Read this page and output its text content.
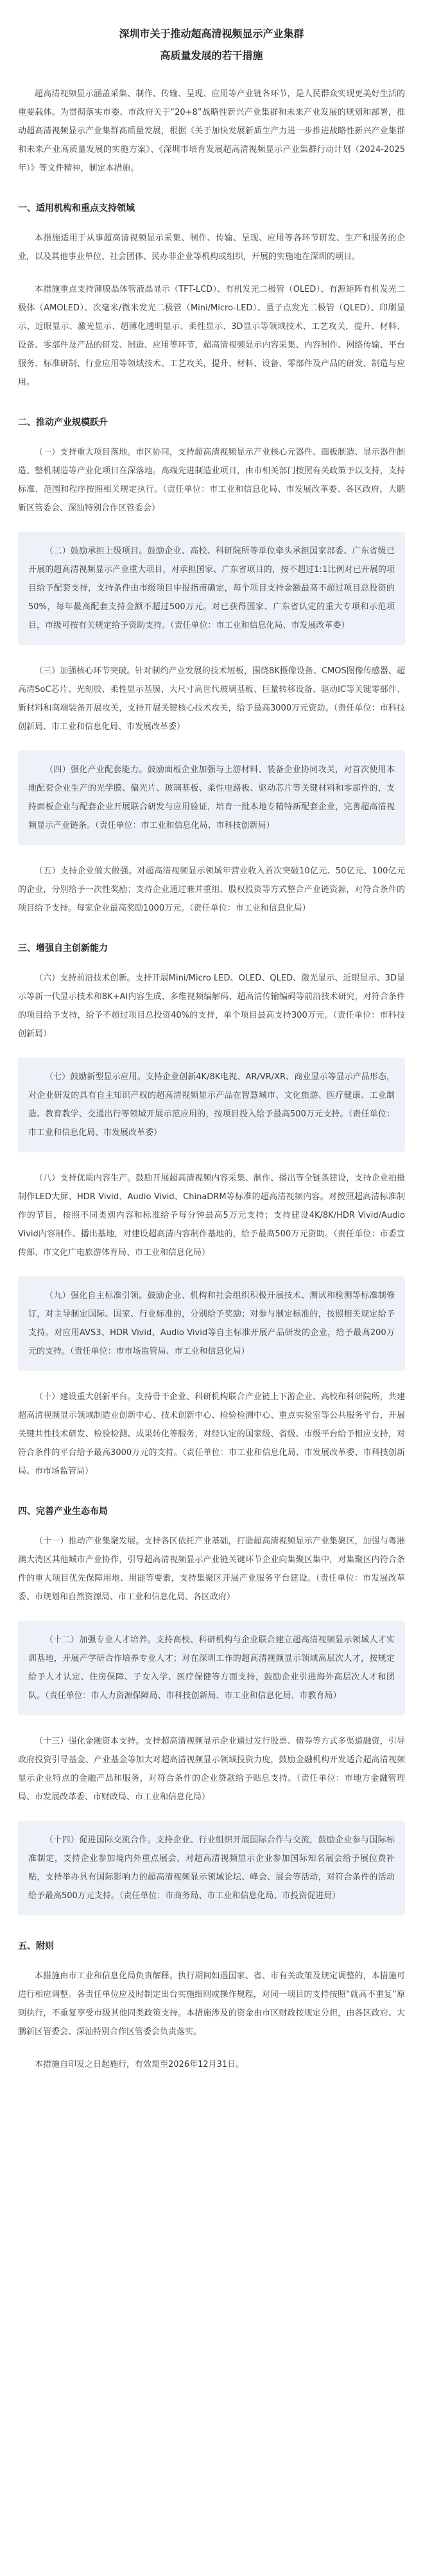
深圳市关于推动超高清视频显示产业集群
高质量发展的若干措施

超高清视频显示涵盖采集、制作、传输、呈现、应用等产业链各环节，是人民群众实现更美好生活的重要载体。为贯彻落实市委、市政府关于“20+8”战略性新兴产业集群和未来产业发展的规划和部署，推动超高清视频显示产业集群高质量发展，根据《关于加快发展新质生产力进一步推进战略性新兴产业集群和未来产业高质量发展的实施方案》、《深圳市培育发展超高清视频显示产业集群行动计划（2024-2025年）》等文件精神，制定本措施。

一、适用机构和重点支持领域

本措施适用于从事超高清视频显示采集、制作、传输、呈现、应用等各环节研发、生产和服务的企业，以及其他事业单位、社会团体、民办非企业等机构或组织，开展的实施地在深圳的项目。

本措施重点支持薄膜晶体管液晶显示（TFT-LCD）、有机发光二极管（OLED）、有源矩阵有机发光二极体（AMOLED）、次毫米/微米发光二极管（Mini/Micro-LED）、量子点发光二极管（QLED）、印刷显示、近眼显示、激光显示、超薄化透明显示、柔性显示、3D显示等领域技术、工艺攻关，提升、材料、设备、零部件及产品的研发、制造、应用等环节，超高清视频显示内容采集、内容制作、网络传输、平台服务、标准研制、行业应用等领域技术、工艺攻关，提升、材料、设备、零部件及产品的研发、制造与应用。

二、推动产业规模跃升

（一）支持重大项目落地。市区协同，支持超高清视频显示产业核心元器件、面板制造、显示器件制造、整机制造等产业化项目在深落地。高端先进制造业项目，由市相关部门按照有关政策予以支持，支持标准、范围和程序按照相关规定执行。（责任单位：市工业和信息化局、市发展改革委、各区政府，大鹏新区管委会、深汕特别合作区管委会）

（二）鼓励承担上级项目。鼓励企业、高校、科研院所等单位牵头承担国家部委、广东省级已开展的超高清视频显示产业重大项目，对承担国家、广东省项目的，按不超过1:1比例对已开展的项目给予配套支持，支持条件由市级项目申报指南确定，每个项目支持金额最高不超过项目总投资的50%，每年最高配套支持金额不超过500万元。对已获得国家、广东省认定的重大专项和示范项目，市级可按有关规定给予资助支持。（责任单位：市工业和信息化局、市发展改革委）

（三）加强核心环节突破。针对制约产业发展的技术短板，围绕8K摄像设备、CMOS图像传感器、超高清SoC芯片、光刻胶、柔性显示基膜、大尺寸高世代玻璃基板、巨量转移设备、驱动IC等关键零部件、新材料和高端装备开展攻关，支持开展关键核心技术攻关，给予最高3000万元资助。（责任单位：市科技创新局、市工业和信息化局、市发展改革委）

（四）强化产业配套能力。鼓励面板企业加强与上游材料、装备企业协同攻关，对首次使用本地配套企业生产的光学膜、偏光片、玻璃基板、柔性电路板、驱动芯片等关键材料和零部件的，支持面板企业与配套企业开展联合研发与应用验证，培育一批本地专精特新配套企业，完善超高清视频显示产业链条。（责任单位：市工业和信息化局、市科技创新局）

（五）支持企业做大做强。对超高清视频显示领域年营业收入首次突破10亿元、50亿元、100亿元的企业，分别给予一次性奖励；支持企业通过兼并重组、股权投资等方式整合产业链资源，对符合条件的项目给予支持。每家企业最高奖励1000万元。（责任单位：市工业和信息化局）

三、增强自主创新能力

（六）支持前沿技术创新。支持开展Mini/Micro LED、OLED、QLED、激光显示、近眼显示、3D显示等新一代显示技术和8K+AI内容生成、多维视频编解码、超高清传输编码等前沿技术研究，对符合条件的项目给予支持，给予不超过项目总投资40%的支持，单个项目最高支持300万元。（责任单位：市科技创新局）

（七）鼓励新型显示应用。支持企业创新4K/8K电视、AR/VR/XR、商业显示等显示产品形态，对企业研发的具有自主知识产权的超高清视频显示产品在智慧城市、文化旅游、医疗健康、工业制造、教育教学、交通出行等领域开展示范应用的，按项目投入给予最高500万元支持。（责任单位：市工业和信息化局、市发展改革委）

（八）支持优质内容生产。鼓励开展超高清视频内容采集、制作、播出等全链条建设，支持企业拍摄制作LED大屏、HDR Vivid、Audio Vivid、ChinaDRM等标准的超高清视频内容。对按照超高清标准制作的节目，按照不同类别内容和标准给予每分钟最高5万元支持；支持建设4K/8K/HDR Vivid/Audio Vivid内容制作、播出基地，对建设超高清内容制作基地的，给予最高500万元资助。（责任单位：市委宣传部、市文化广电旅游体育局、市工业和信息化局）

（九）强化自主标准引领。鼓励企业、机构和社会组织积极开展技术、测试和检测等标准制修订，对主导制定国际、国家、行业标准的，分别给予奖励；对参与制定标准的，按照相关规定给予支持。对应用AVS3、HDR Vivid、Audio Vivid等自主标准开展产品研发的企业，给予最高200万元的支持。（责任单位：市市场监管局、市工业和信息化局）

（十）建设重大创新平台。支持骨干企业、科研机构联合产业链上下游企业、高校和科研院所，共建超高清视频显示领域制造业创新中心、技术创新中心、检验检测中心、重点实验室等公共服务平台，开展关键共性技术研发、检验检测、成果转化等服务，对经认定的国家级、省级、市级平台给予相应支持，对符合条件的平台给予最高3000万元的支持。（责任单位：市工业和信息化局、市发展改革委、市科技创新局、市市场监管局）

四、完善产业生态布局

（十一）推动产业集聚发展。支持各区依托产业基础，打造超高清视频显示产业集聚区，加强与粤港澳大湾区其他城市产业协作，引导超高清视频显示产业链关键环节企业向集聚区集中，对集聚区内符合条件的重大项目优先保障用地、用能等要素，支持集聚区开展产业服务平台建设。（责任单位：市发展改革委、市规划和自然资源局、市工业和信息化局、各区政府）

（十二）加强专业人才培养。支持高校、科研机构与企业联合建立超高清视频显示领域人才实训基地，开展产学研合作培养专业人才；对在深圳工作的超高清视频显示领域高层次人才，按规定给予人才认定、住房保障、子女入学、医疗保健等方面支持，鼓励企业引进海外高层次人才和团队。（责任单位：市人力资源保障局、市科技创新局、市工业和信息化局、市教育局）

（十三）强化金融资本支持。支持超高清视频显示企业通过发行股票、债券等方式多渠道融资，引导政府投资引导基金、产业基金等加大对超高清视频显示领域投资力度，鼓励金融机构开发适合超高清视频显示企业特点的金融产品和服务，对符合条件的企业贷款给予贴息支持。（责任单位：市地方金融管理局、市发展改革委、市财政局、市工业和信息化局）

（十四）促进国际交流合作。支持企业、行业组织开展国际合作与交流，鼓励企业参与国际标准制定，支持企业参加境内外重点展会，对超高清视频显示企业参加国际知名展会给予展位费补贴，支持举办具有国际影响力的超高清视频显示领域论坛、峰会、展会等活动，对符合条件的活动给予最高500万元支持。（责任单位：市商务局、市工业和信息化局、市投资促进局）

五、附则

本措施由市工业和信息化局负责解释。执行期间如遇国家、省、市有关政策及规定调整的，本措施可进行相应调整。各责任单位应及时制定出台实施细则或操作规程，对同一项目的支持按照“就高不重复”原则执行，不重复享受市级其他同类政策支持。本措施涉及的资金由市区财政按规定分担，由各区政府、大鹏新区管委会、深汕特别合作区管委会负责落实。

本措施自印发之日起施行，有效期至2026年12月31日。
